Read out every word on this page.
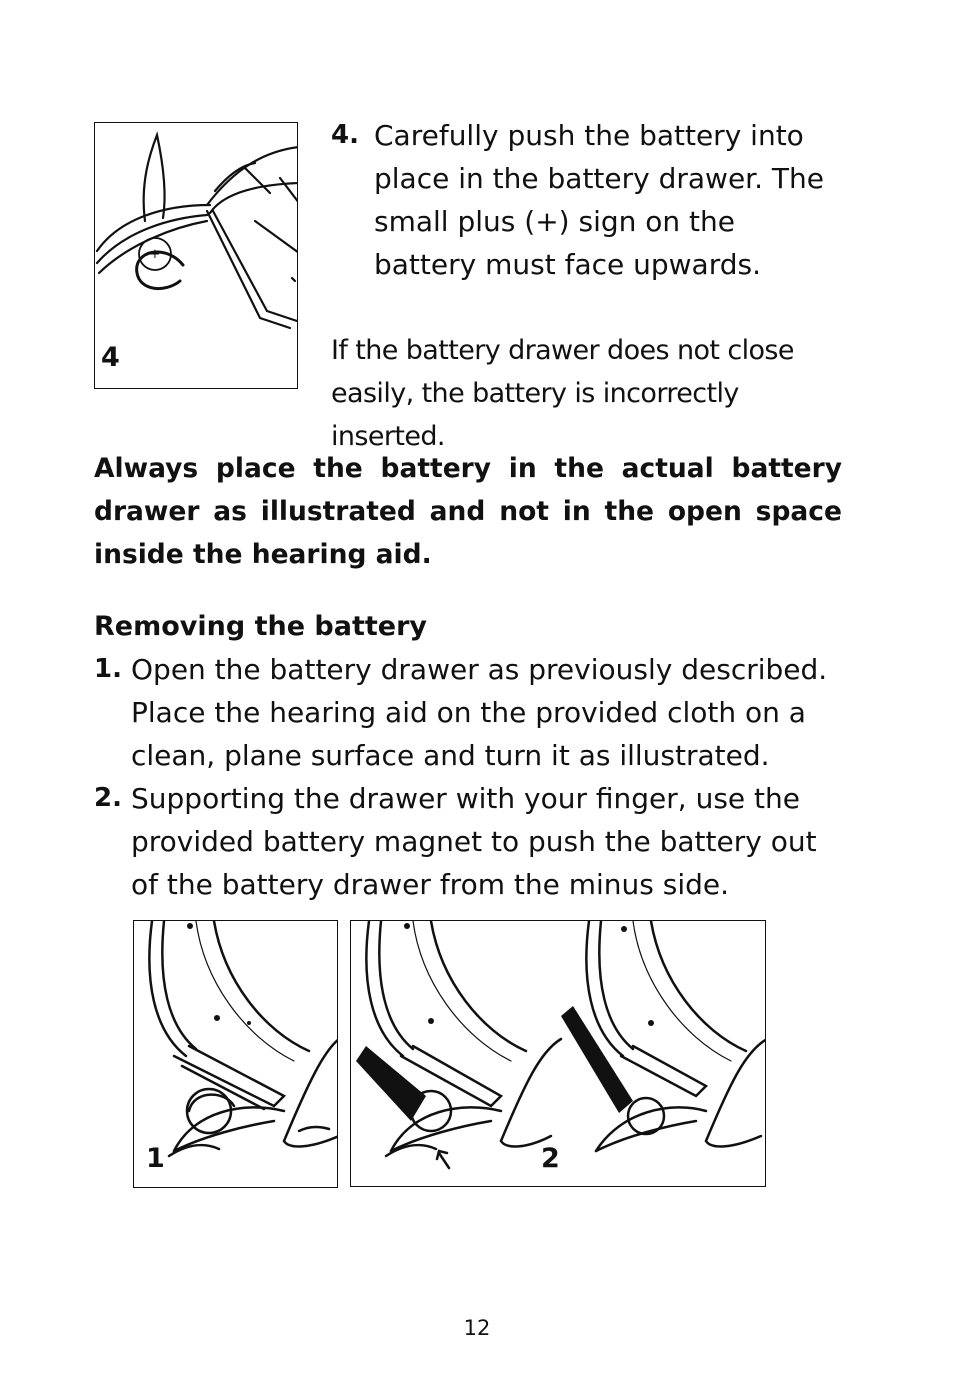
+
4
4. Carefully push the battery into place in the battery drawer. The small plus (+) sign on the battery must face upwards.
If the battery drawer does not close easily, the battery is incorrectly inserted.
Always place the battery in the actual battery drawer as illustrated and not in the open space inside the hearing aid.
Removing the battery
1. Open the battery drawer as previously described. Place the hearing aid on the provided cloth on a clean, plane surface and turn it as illustrated.
2. Supporting the drawer with your finger, use the provided battery magnet to push the battery out of the battery drawer from the minus side.
1	2
12
